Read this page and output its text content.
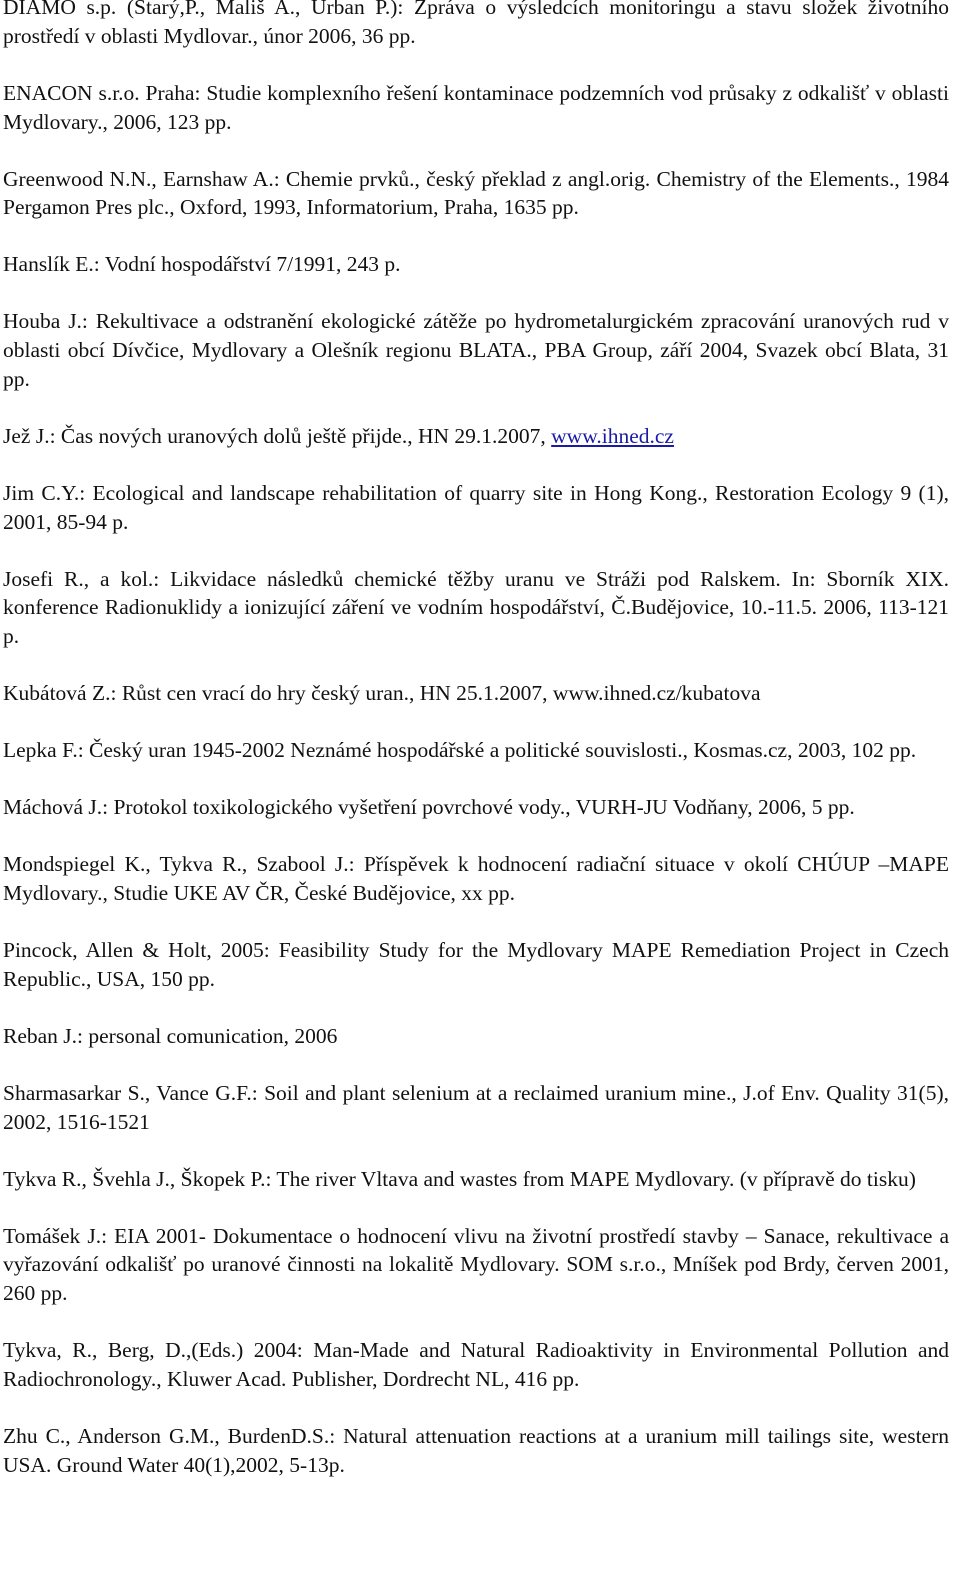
DIAMO s.p. (Starý,P., Mališ A., Urban P.): Zpráva o výsledcích monitoringu a stavu složek životního prostředí v oblasti Mydlovar., únor 2006, 36 pp.

ENACON s.r.o. Praha: Studie komplexního řešení kontaminace podzemních vod průsaky z odkališť v oblasti Mydlovary., 2006, 123 pp.

Greenwood N.N., Earnshaw A.: Chemie prvků., český překlad z angl.orig. Chemistry of the Elements., 1984 Pergamon Pres plc., Oxford, 1993, Informatorium, Praha, 1635 pp.

Hanslík E.: Vodní hospodářství 7/1991, 243 p.

Houba J.: Rekultivace a odstranění ekologické zátěže po hydrometalurgickém zpracování uranových rud v oblasti obcí Dívčice, Mydlovary a Olešník regionu BLATA., PBA Group, září 2004, Svazek obcí Blata, 31 pp.

Jež J.: Čas nových uranových dolů ještě přijde., HN 29.1.2007, www.ihned.cz

Jim C.Y.: Ecological and landscape rehabilitation of quarry site in Hong Kong., Restoration Ecology 9 (1), 2001, 85-94 p.

Josefi R., a kol.: Likvidace následků chemické těžby uranu ve Stráži pod Ralskem. In: Sborník XIX. konference Radionuklidy a ionizující záření ve vodním hospodářství, Č.Budějovice, 10.-11.5. 2006, 113-121 p.

Kubátová Z.: Růst cen vrací do hry český uran., HN 25.1.2007, www.ihned.cz/kubatova

Lepka F.: Český uran 1945-2002 Neznámé hospodářské a politické souvislosti., Kosmas.cz, 2003, 102 pp.

Máchová J.: Protokol toxikologického vyšetření povrchové vody., VURH-JU Vodňany, 2006, 5 pp.

Mondspiegel K., Tykva R., Szabool J.: Příspěvek k hodnocení radiační situace v okolí CHÚUP –MAPE Mydlovary., Studie UKE AV ČR, České Budějovice, xx pp.

Pincock, Allen & Holt, 2005: Feasibility Study for the Mydlovary MAPE Remediation Project in Czech Republic., USA, 150 pp.

Reban J.: personal comunication, 2006

Sharmasarkar S., Vance G.F.: Soil and plant selenium at a reclaimed uranium mine., J.of Env. Quality 31(5), 2002, 1516-1521

Tykva R., Švehla J., Škopek P.: The river Vltava and wastes from MAPE Mydlovary. (v přípravě do tisku)

Tomášek J.: EIA 2001- Dokumentace o hodnocení vlivu na životní prostředí stavby – Sanace, rekultivace a vyřazování odkališť po uranové činnosti na lokalitě Mydlovary. SOM s.r.o., Mníšek pod Brdy, červen 2001, 260 pp.

Tykva, R., Berg, D.,(Eds.) 2004: Man-Made and Natural Radioaktivity in Environmental Pollution and Radiochronology., Kluwer Acad. Publisher, Dordrecht NL, 416 pp.

Zhu C., Anderson G.M., BurdenD.S.: Natural attenuation reactions at a uranium mill tailings site, western USA. Ground Water 40(1),2002, 5-13p.
